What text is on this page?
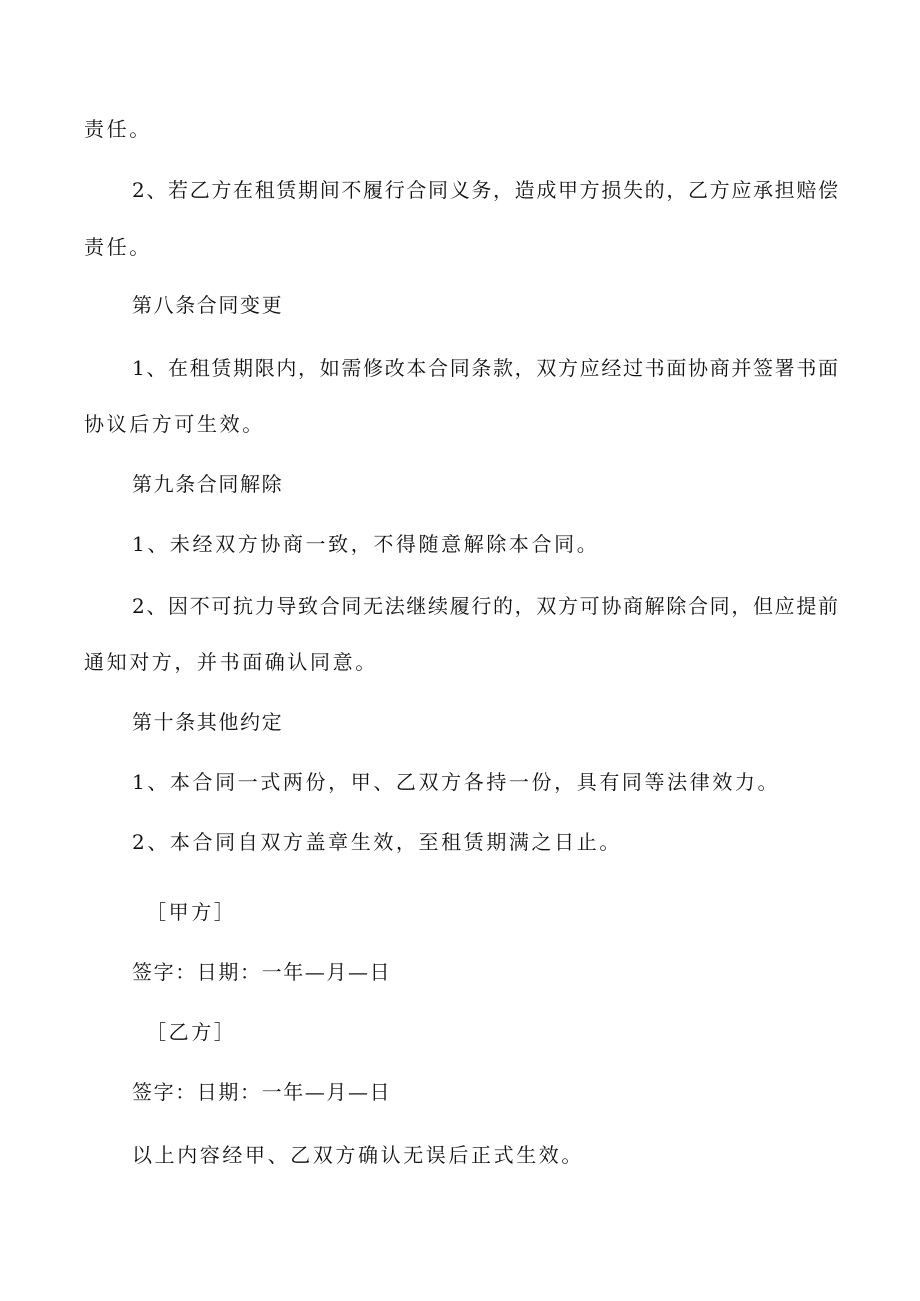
责任。
2、若乙方在租赁期间不履行合同义务，造成甲方损失的，乙方应承担赔偿
责任。
第八条合同变更
1、在租赁期限内，如需修改本合同条款，双方应经过书面协商并签署书面
协议后方可生效。
第九条合同解除
1、未经双方协商一致，不得随意解除本合同。
2、因不可抗力导致合同无法继续履行的，双方可协商解除合同，但应提前
通知对方，并书面确认同意。
第十条其他约定
1、本合同一式两份，甲、乙双方各持一份，具有同等法律效力。
2、本合同自双方盖章生效，至租赁期满之日止。
［甲方］
签字：日期：一年—月—日
［乙方］
签字：日期：一年—月—日
以上内容经甲、乙双方确认无误后正式生效。
